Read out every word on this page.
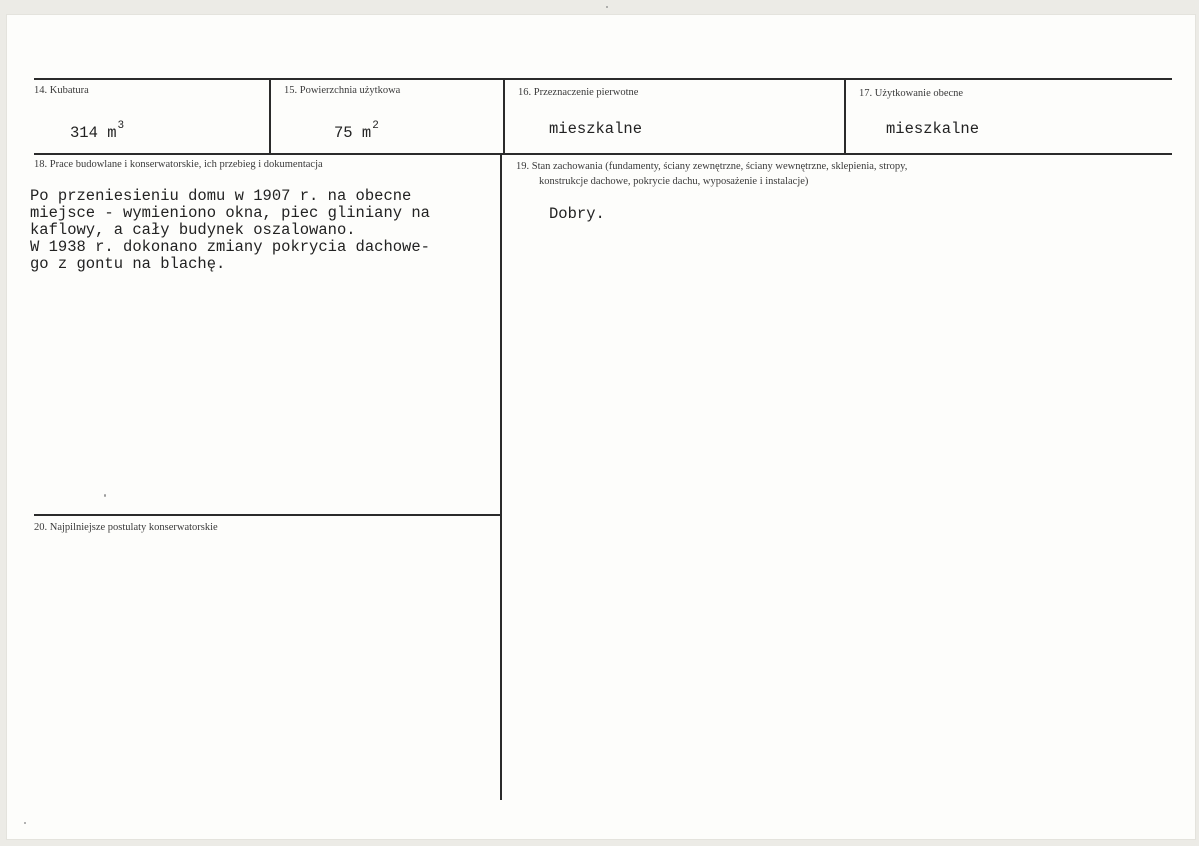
14. Kubatura
314 $m^3$
15. Powierzchnia użytkowa
75 $m^2$
16. Przeznaczenie pierwotne
mieszkalne
17. Użytkowanie obecne
mieszkalne
18. Prace budowlane i konserwatorskie, ich przebieg i dokumentacja
Po przeniesieniu domu w 1907 r. na obecne
miejsce - wymieniono okna, piec gliniany na
kaflowy, a cały budynek oszalowano.
W 1938 r. dokonano zmiany pokrycia dachowe-
go z gontu na blachę.
19. Stan zachowania (fundamenty, ściany zewnętrzne, ściany wewnętrzne, sklepienia, stropy,
konstrukcje dachowe, pokrycie dachu, wyposażenie i instalacje)
Dobry.
20. Najpilniejsze postulaty konserwatorskie
